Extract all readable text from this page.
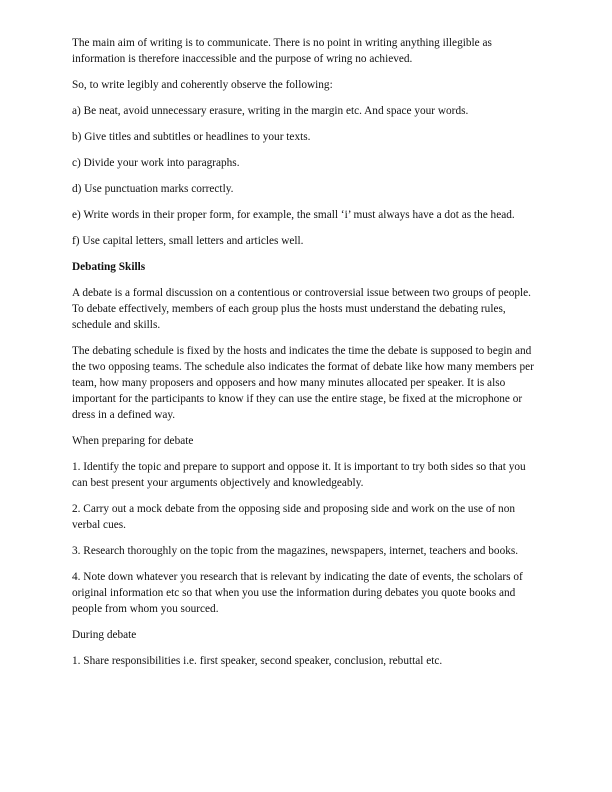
The main aim of writing is to communicate. There is no point in writing anything illegible as information is therefore inaccessible and the purpose of wring no achieved.

So, to write legibly and coherently observe the following:

a) Be neat, avoid unnecessary erasure, writing in the margin etc. And space your words.

b) Give titles and subtitles or headlines to your texts.

c) Divide your work into paragraphs.

d) Use punctuation marks correctly.

e) Write words in their proper form, for example, the small ‘i’ must always have a dot as the head.

f) Use capital letters, small letters and articles well.

Debating Skills

A debate is a formal discussion on a contentious or controversial issue between two groups of people. To debate effectively, members of each group plus the hosts must understand the debating rules, schedule and skills.

The debating schedule is fixed by the hosts and indicates the time the debate is supposed to begin and the two opposing teams. The schedule also indicates the format of debate like how many members per team, how many proposers and opposers and how many minutes allocated per speaker. It is also important for the participants to know if they can use the entire stage, be fixed at the microphone or dress in a defined way.

When preparing for debate

1. Identify the topic and prepare to support and oppose it. It is important to try both sides so that you can best present your arguments objectively and knowledgeably.

2. Carry out a mock debate from the opposing side and proposing side and work on the use of non verbal cues.

3. Research thoroughly on the topic from the magazines, newspapers, internet, teachers and books.

4. Note down whatever you research that is relevant by indicating the date of events, the scholars of original information etc so that when you use the information during debates you quote books and people from whom you sourced.

During debate

1. Share responsibilities i.e. first speaker, second speaker, conclusion, rebuttal etc.
